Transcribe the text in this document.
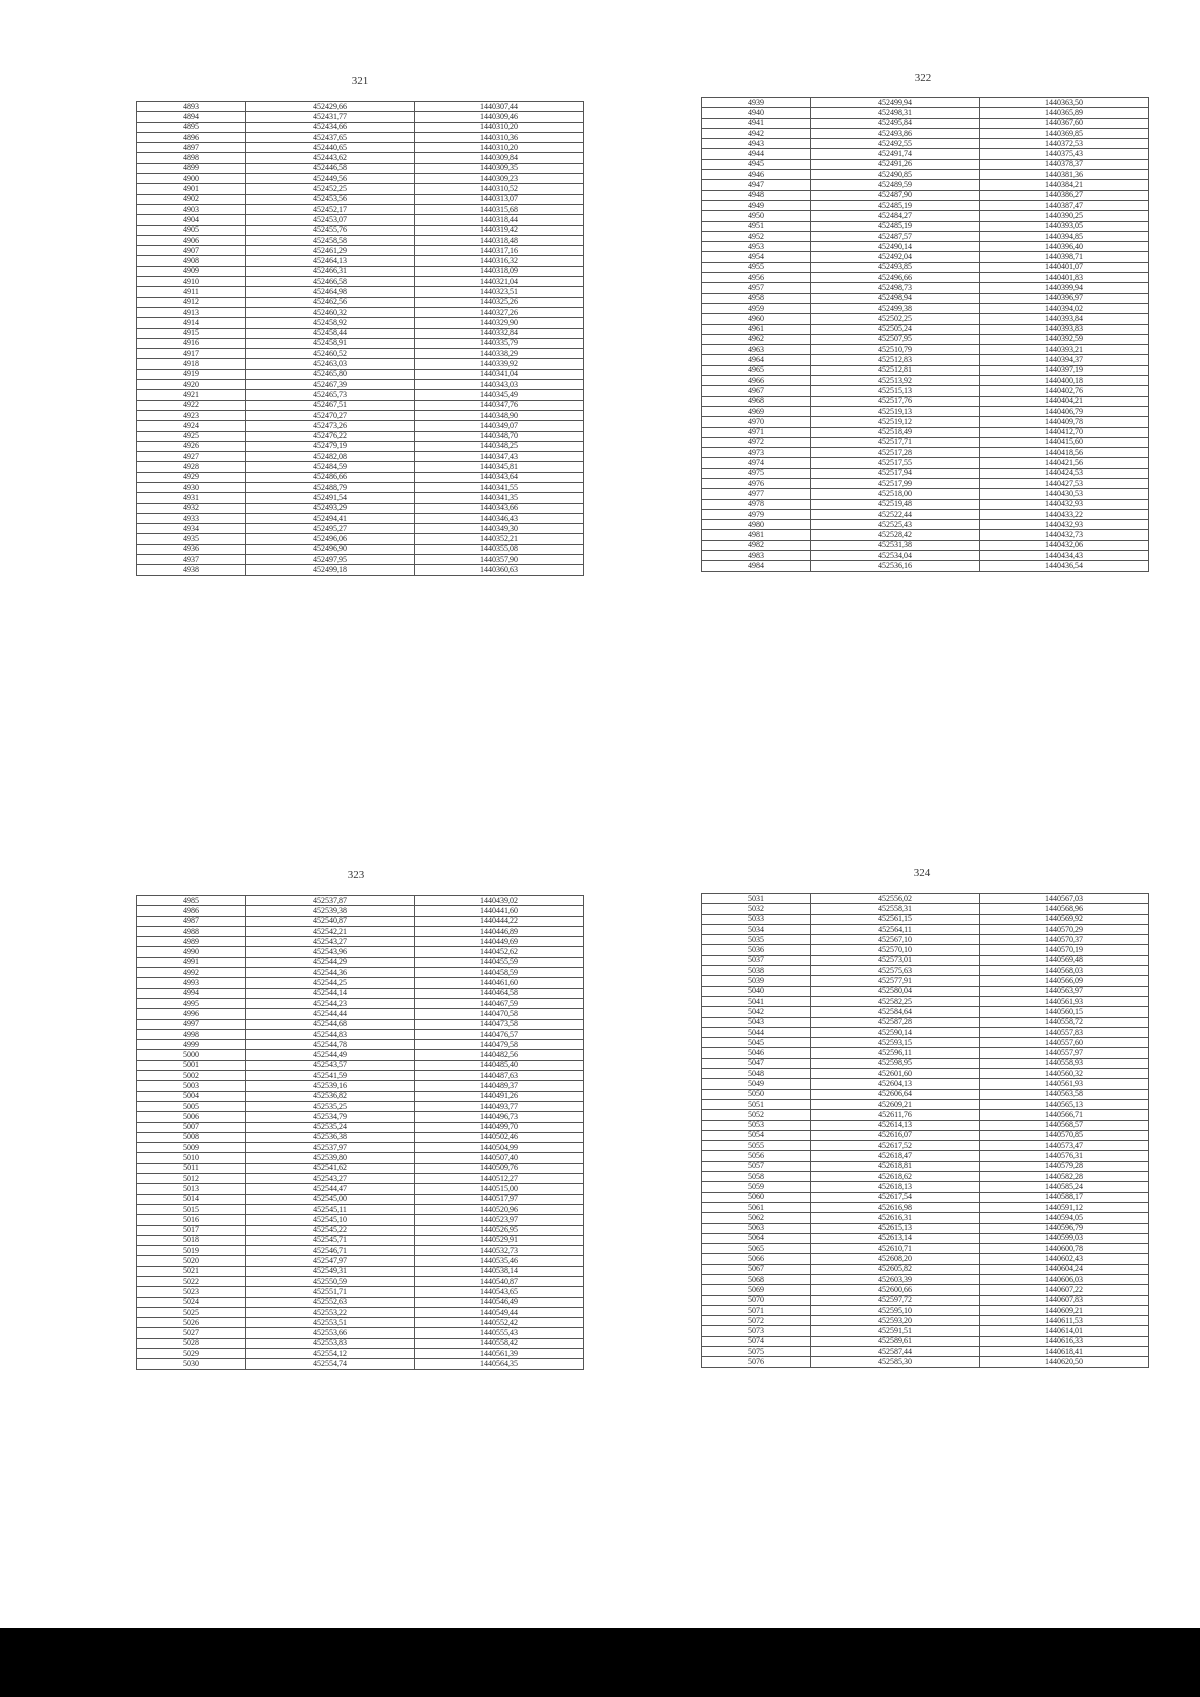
321
4893	452429,66	1440307,44
4894	452431,77	1440309,46
4895	452434,66	1440310,20
4896	452437,65	1440310,36
4897	452440,65	1440310,20
4898	452443,62	1440309,84
4899	452446,58	1440309,35
4900	452449,56	1440309,23
4901	452452,25	1440310,52
4902	452453,56	1440313,07
4903	452452,17	1440315,68
4904	452453,07	1440318,44
4905	452455,76	1440319,42
4906	452458,58	1440318,48
4907	452461,29	1440317,16
4908	452464,13	1440316,32
4909	452466,31	1440318,09
4910	452466,58	1440321,04
4911	452464,98	1440323,51
4912	452462,56	1440325,26
4913	452460,32	1440327,26
4914	452458,92	1440329,90
4915	452458,44	1440332,84
4916	452458,91	1440335,79
4917	452460,52	1440338,29
4918	452463,03	1440339,92
4919	452465,80	1440341,04
4920	452467,39	1440343,03
4921	452465,73	1440345,49
4922	452467,51	1440347,76
4923	452470,27	1440348,90
4924	452473,26	1440349,07
4925	452476,22	1440348,70
4926	452479,19	1440348,25
4927	452482,08	1440347,43
4928	452484,59	1440345,81
4929	452486,66	1440343,64
4930	452488,79	1440341,55
4931	452491,54	1440341,35
4932	452493,29	1440343,66
4933	452494,41	1440346,43
4934	452495,27	1440349,30
4935	452496,06	1440352,21
4936	452496,90	1440355,08
4937	452497,95	1440357,90
4938	452499,18	1440360,63
322
4939	452499,94	1440363,50
4940	452498,31	1440365,89
4941	452495,84	1440367,60
4942	452493,86	1440369,85
4943	452492,55	1440372,53
4944	452491,74	1440375,43
4945	452491,26	1440378,37
4946	452490,85	1440381,36
4947	452489,59	1440384,21
4948	452487,90	1440386,27
4949	452485,19	1440387,47
4950	452484,27	1440390,25
4951	452485,19	1440393,05
4952	452487,57	1440394,85
4953	452490,14	1440396,40
4954	452492,04	1440398,71
4955	452493,85	1440401,07
4956	452496,66	1440401,83
4957	452498,73	1440399,94
4958	452498,94	1440396,97
4959	452499,38	1440394,02
4960	452502,25	1440393,84
4961	452505,24	1440393,83
4962	452507,95	1440392,59
4963	452510,79	1440393,21
4964	452512,83	1440394,37
4965	452512,81	1440397,19
4966	452513,92	1440400,18
4967	452515,13	1440402,76
4968	452517,76	1440404,21
4969	452519,13	1440406,79
4970	452519,12	1440409,78
4971	452518,49	1440412,70
4972	452517,71	1440415,60
4973	452517,28	1440418,56
4974	452517,55	1440421,56
4975	452517,94	1440424,53
4976	452517,99	1440427,53
4977	452518,00	1440430,53
4978	452519,48	1440432,93
4979	452522,44	1440433,22
4980	452525,43	1440432,93
4981	452528,42	1440432,73
4982	452531,38	1440432,06
4983	452534,04	1440434,43
4984	452536,16	1440436,54
323
4985	452537,87	1440439,02
4986	452539,38	1440441,60
4987	452540,87	1440444,22
4988	452542,21	1440446,89
4989	452543,27	1440449,69
4990	452543,96	1440452,62
4991	452544,29	1440455,59
4992	452544,36	1440458,59
4993	452544,25	1440461,60
4994	452544,14	1440464,58
4995	452544,23	1440467,59
4996	452544,44	1440470,58
4997	452544,68	1440473,58
4998	452544,83	1440476,57
4999	452544,78	1440479,58
5000	452544,49	1440482,56
5001	452543,57	1440485,40
5002	452541,59	1440487,63
5003	452539,16	1440489,37
5004	452536,82	1440491,26
5005	452535,25	1440493,77
5006	452534,79	1440496,73
5007	452535,24	1440499,70
5008	452536,38	1440502,46
5009	452537,97	1440504,99
5010	452539,80	1440507,40
5011	452541,62	1440509,76
5012	452543,27	1440512,27
5013	452544,47	1440515,00
5014	452545,00	1440517,97
5015	452545,11	1440520,96
5016	452545,10	1440523,97
5017	452545,22	1440526,95
5018	452545,71	1440529,91
5019	452546,71	1440532,73
5020	452547,97	1440535,46
5021	452549,31	1440538,14
5022	452550,59	1440540,87
5023	452551,71	1440543,65
5024	452552,63	1440546,49
5025	452553,22	1440549,44
5026	452553,51	1440552,42
5027	452553,66	1440555,43
5028	452553,83	1440558,42
5029	452554,12	1440561,39
5030	452554,74	1440564,35
324
5031	452556,02	1440567,03
5032	452558,31	1440568,96
5033	452561,15	1440569,92
5034	452564,11	1440570,29
5035	452567,10	1440570,37
5036	452570,10	1440570,19
5037	452573,01	1440569,48
5038	452575,63	1440568,03
5039	452577,91	1440566,09
5040	452580,04	1440563,97
5041	452582,25	1440561,93
5042	452584,64	1440560,15
5043	452587,28	1440558,72
5044	452590,14	1440557,83
5045	452593,15	1440557,60
5046	452596,11	1440557,97
5047	452598,95	1440558,93
5048	452601,60	1440560,32
5049	452604,13	1440561,93
5050	452606,64	1440563,58
5051	452609,21	1440565,13
5052	452611,76	1440566,71
5053	452614,13	1440568,57
5054	452616,07	1440570,85
5055	452617,52	1440573,47
5056	452618,47	1440576,31
5057	452618,81	1440579,28
5058	452618,62	1440582,28
5059	452618,13	1440585,24
5060	452617,54	1440588,17
5061	452616,98	1440591,12
5062	452616,31	1440594,05
5063	452615,13	1440596,79
5064	452613,14	1440599,03
5065	452610,71	1440600,78
5066	452608,20	1440602,43
5067	452605,82	1440604,24
5068	452603,39	1440606,03
5069	452600,66	1440607,22
5070	452597,72	1440607,83
5071	452595,10	1440609,21
5072	452593,20	1440611,53
5073	452591,51	1440614,01
5074	452589,61	1440616,33
5075	452587,44	1440618,41
5076	452585,30	1440620,50
